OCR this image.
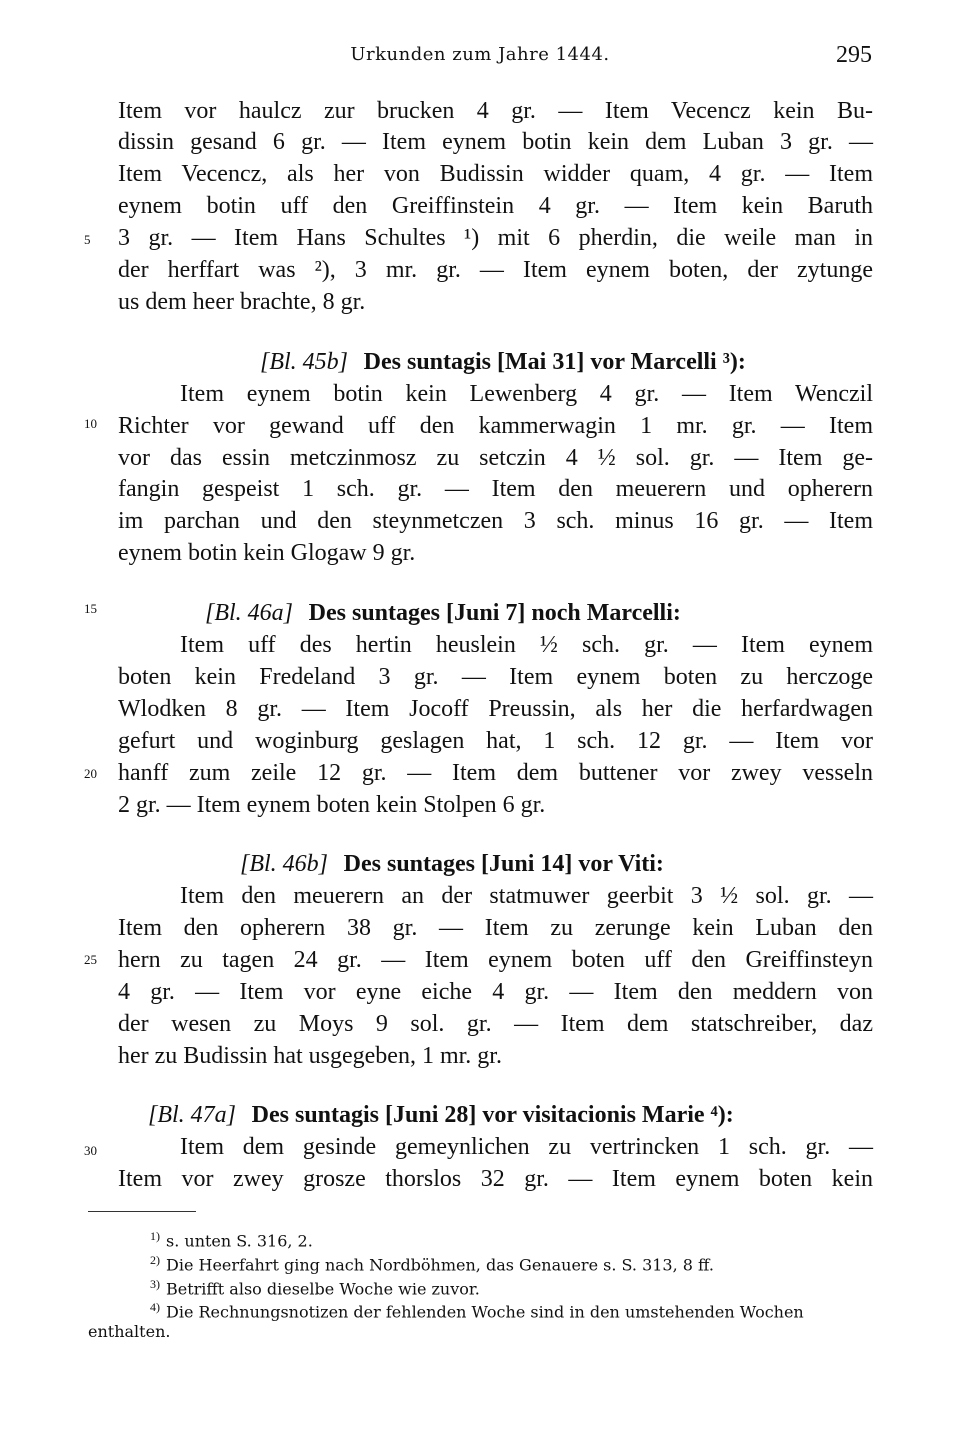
Urkunden zum Jahre 1444.	295
Item vor haulcz zur brucken 4 gr. — Item Vecencz kein Bu-
dissin gesand 6 gr. — Item eynem botin kein dem Luban 3 gr. —
Item Vecencz, als her von Budissin widder quam, 4 gr. — Item
eynem botin uff den Greiffinstein 4 gr. — Item kein Baruth
3 gr. — Item Hans Schultes ¹) mit 6 pherdin, die weile man in
der herffart was ²), 3 mr. gr. — Item eynem boten, der zytunge
us dem heer brachte, 8 gr.
[Bl. 45b] Des suntagis [Mai 31] vor Marcelli ³):
Item eynem botin kein Lewenberg 4 gr. — Item Wenczil
Richter vor gewand uff den kammerwagin 1 mr. gr. — Item
vor das essin metczinmosz zu setczin 4 ½ sol. gr. — Item ge-
fangin gespeist 1 sch. gr. — Item den meuerern und opherern
im parchan und den steynmetczen 3 sch. minus 16 gr. — Item
eynem botin kein Glogaw 9 gr.
[Bl. 46a] Des suntages [Juni 7] noch Marcelli:
Item uff des hertin heuslein ½ sch. gr. — Item eynem
boten kein Fredeland 3 gr. — Item eynem boten zu herczoge
Wlodken 8 gr. — Item Jocoff Preussin, als her die herfardwagen
gefurt und woginburg geslagen hat, 1 sch. 12 gr. — Item vor
hanff zum zeile 12 gr. — Item dem buttener vor zwey vesseln
2 gr. — Item eynem boten kein Stolpen 6 gr.
[Bl. 46b] Des suntages [Juni 14] vor Viti:
Item den meuerern an der statmuwer geerbit 3 ½ sol. gr. —
Item den opherern 38 gr. — Item zu zerunge kein Luban den
hern zu tagen 24 gr. — Item eynem boten uff den Greiffinsteyn
4 gr. — Item vor eyne eiche 4 gr. — Item den meddern von
der wesen zu Moys 9 sol. gr. — Item dem statschreiber, daz
her zu Budissin hat usgegeben, 1 mr. gr.
[Bl. 47a] Des suntagis [Juni 28] vor visitacionis Marie ⁴):
Item dem gesinde gemeynlichen zu vertrincken 1 sch. gr. —
Item vor zwey grosze thorslos 32 gr. — Item eynem boten kein
5
10
15
20
25
30
$^{1)}$ s. unten S. 316, 2.
$^{2)}$ Die Heerfahrt ging nach Nordböhmen, das Genauere s. S. 313, 8 ff.
$^{3)}$ Betrifft also dieselbe Woche wie zuvor.
$^{4)}$ Die Rechnungsnotizen der fehlenden Woche sind in den umstehenden Wochen
enthalten.
